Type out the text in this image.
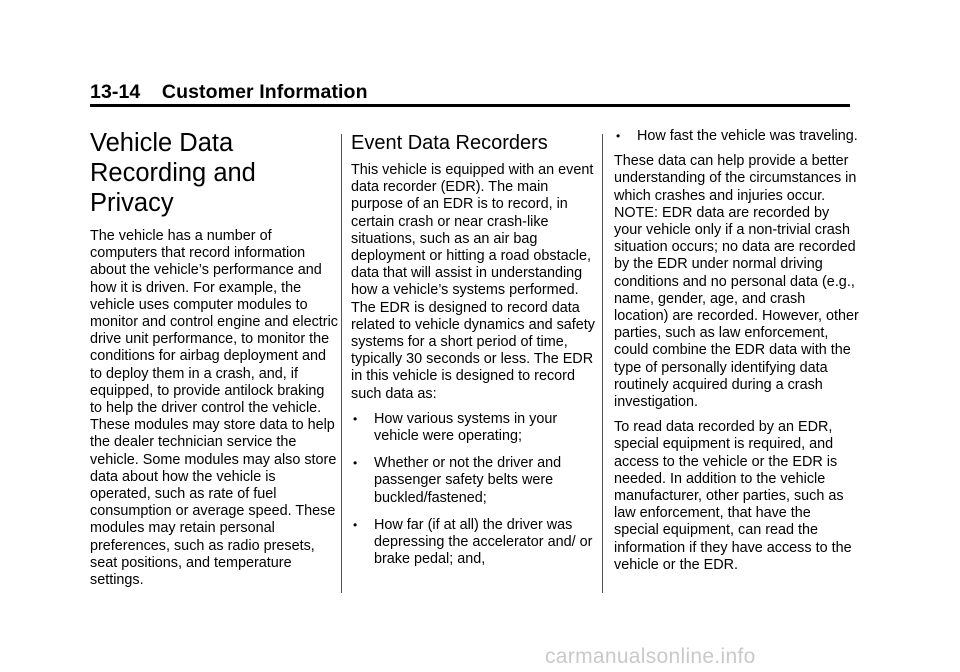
13-14 Customer Information
Vehicle Data Recording and Privacy

The vehicle has a number of computers that record information about the vehicle’s performance and how it is driven. For example, the vehicle uses computer modules to monitor and control engine and electric drive unit performance, to monitor the conditions for airbag deployment and to deploy them in a crash, and, if equipped, to provide antilock braking to help the driver control the vehicle. These modules may store data to help the dealer technician service the vehicle. Some modules may also store data about how the vehicle is operated, such as rate of fuel consumption or average speed. These modules may retain personal preferences, such as radio presets, seat positions, and temperature settings.

Event Data Recorders

This vehicle is equipped with an event data recorder (EDR). The main purpose of an EDR is to record, in certain crash or near crash-like situations, such as an air bag deployment or hitting a road obstacle, data that will assist in understanding how a vehicle’s systems performed. The EDR is designed to record data related to vehicle dynamics and safety systems for a short period of time, typically 30 seconds or less. The EDR in this vehicle is designed to record such data as:

• How various systems in your vehicle were operating;
• Whether or not the driver and passenger safety belts were buckled/fastened;
• How far (if at all) the driver was depressing the accelerator and/ or brake pedal; and,
• How fast the vehicle was traveling.

These data can help provide a better understanding of the circumstances in which crashes and injuries occur. NOTE: EDR data are recorded by your vehicle only if a non-trivial crash situation occurs; no data are recorded by the EDR under normal driving conditions and no personal data (e.g., name, gender, age, and crash location) are recorded. However, other parties, such as law enforcement, could combine the EDR data with the type of personally identifying data routinely acquired during a crash investigation.

To read data recorded by an EDR, special equipment is required, and access to the vehicle or the EDR is needed. In addition to the vehicle manufacturer, other parties, such as law enforcement, that have the special equipment, can read the information if they have access to the vehicle or the EDR.

carmanualsonline.info
